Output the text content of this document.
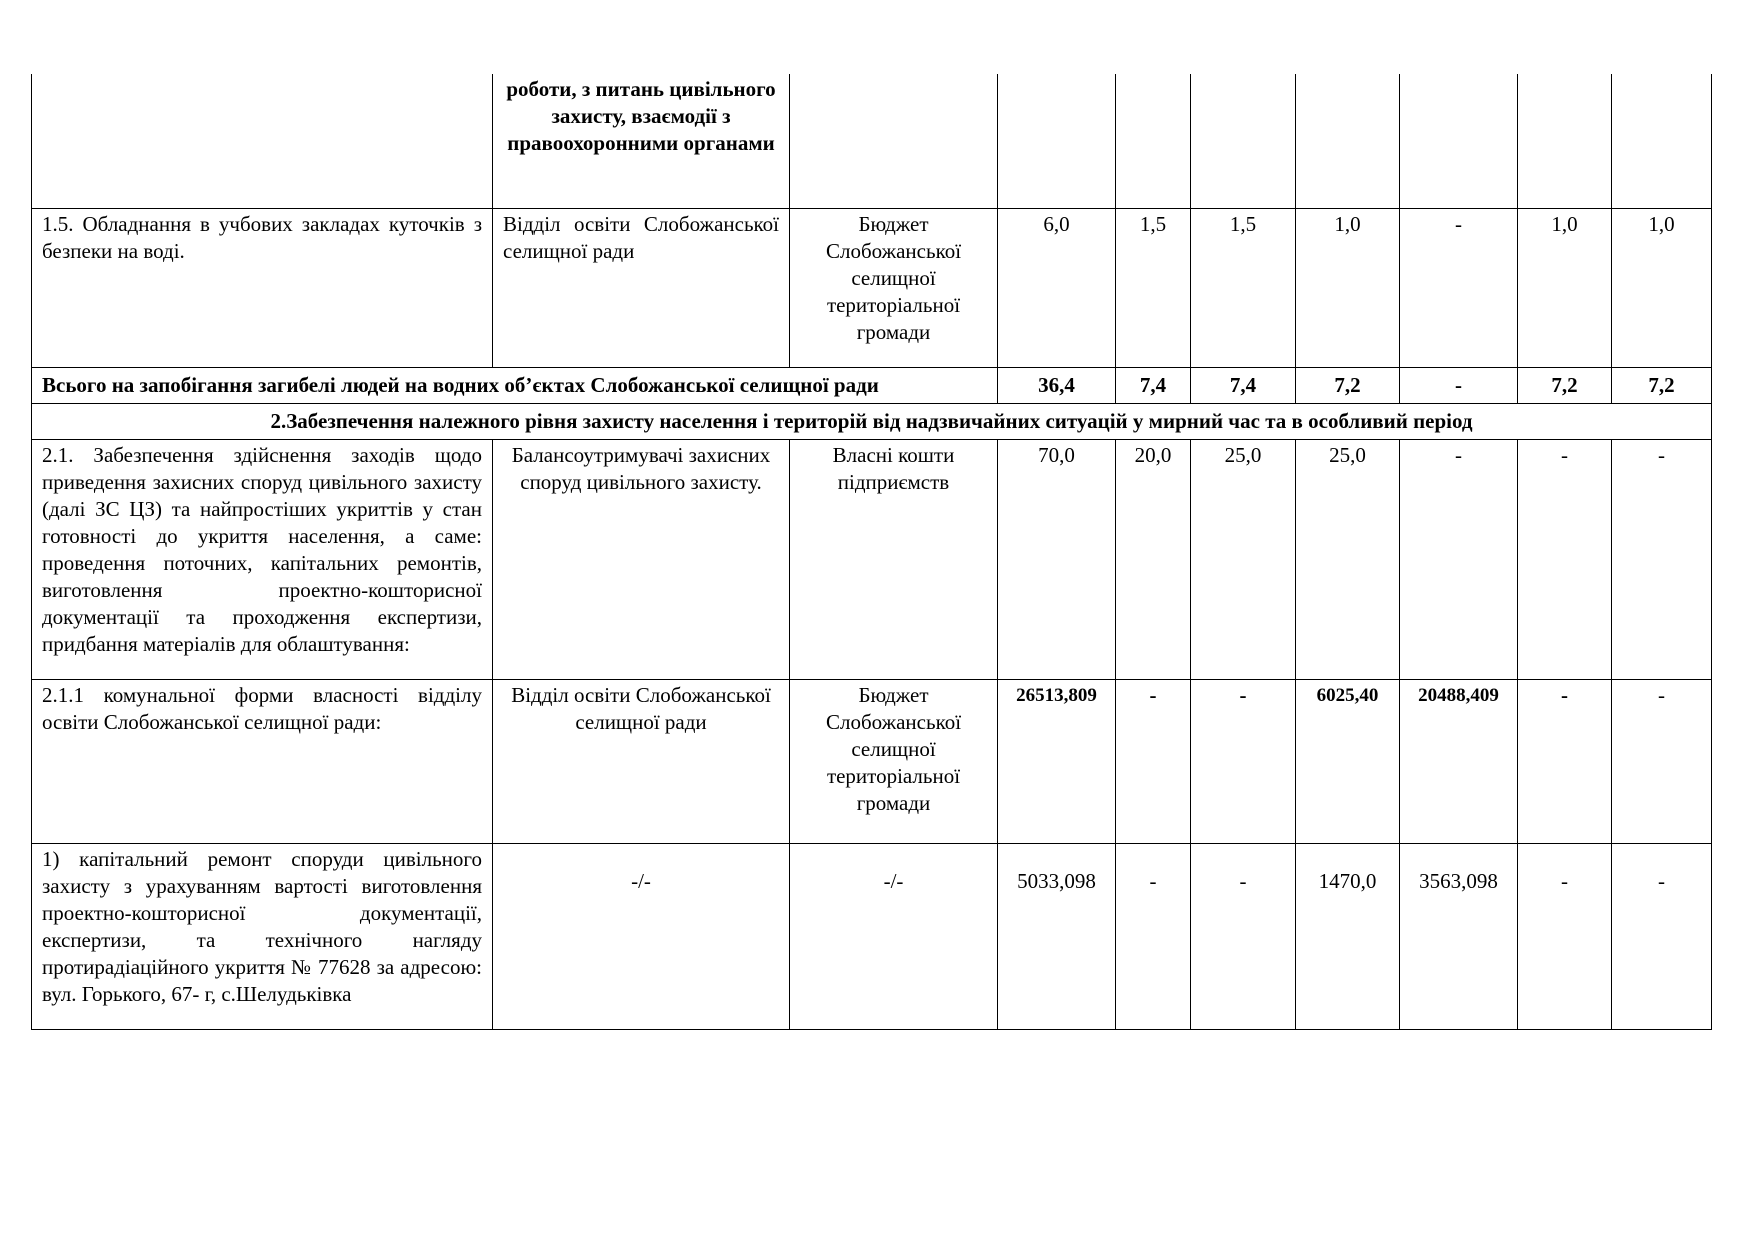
	роботи, з питань цивільного захисту, взаємодії з правоохоронними органами								
1.5. Обладнання в учбових закладах куточків з безпеки на воді.	Відділ освіти Слобожанської селищної ради	Бюджет Слобожанської селищної територіальної громади	6,0	1,5	1,5	1,0	-	1,0	1,0
Всього на запобігання загибелі людей на водних об’єктах Слобожанської селищної ради			36,4	7,4	7,4	7,2	-	7,2	7,2
2.Забезпечення належного рівня захисту населення і територій від надзвичайних ситуацій у мирний час та в особливий період									
2.1. Забезпечення здійснення заходів щодо приведення захисних споруд цивільного захисту (далі ЗС ЦЗ) та найпростіших укриттів у стан готовності до укриття населення, а саме: проведення поточних, капітальних ремонтів, виготовлення проектно-кошторисної документації та проходження експертизи, придбання матеріалів для облаштування:	Балансоутримувачі захисних споруд цивільного захисту.	Власні кошти підприємств	70,0	20,0	25,0	25,0	-	-	-
2.1.1 комунальної форми власності відділу освіти Слобожанської селищної ради:	Відділ освіти Слобожанської селищної ради	Бюджет Слобожанської селищної територіальної громади	26513,809	-	-	6025,40	20488,409	-	-
1) капітальний ремонт споруди цивільного захисту з урахуванням вартості виготовлення проектно-кошторисної документації, експертизи, та технічного нагляду протирадіаційного укриття № 77628 за адресою: вул. Горького, 67- г, с.Шелудьківка	-/-	-/-	5033,098	-	-	1470,0	3563,098	-	-
